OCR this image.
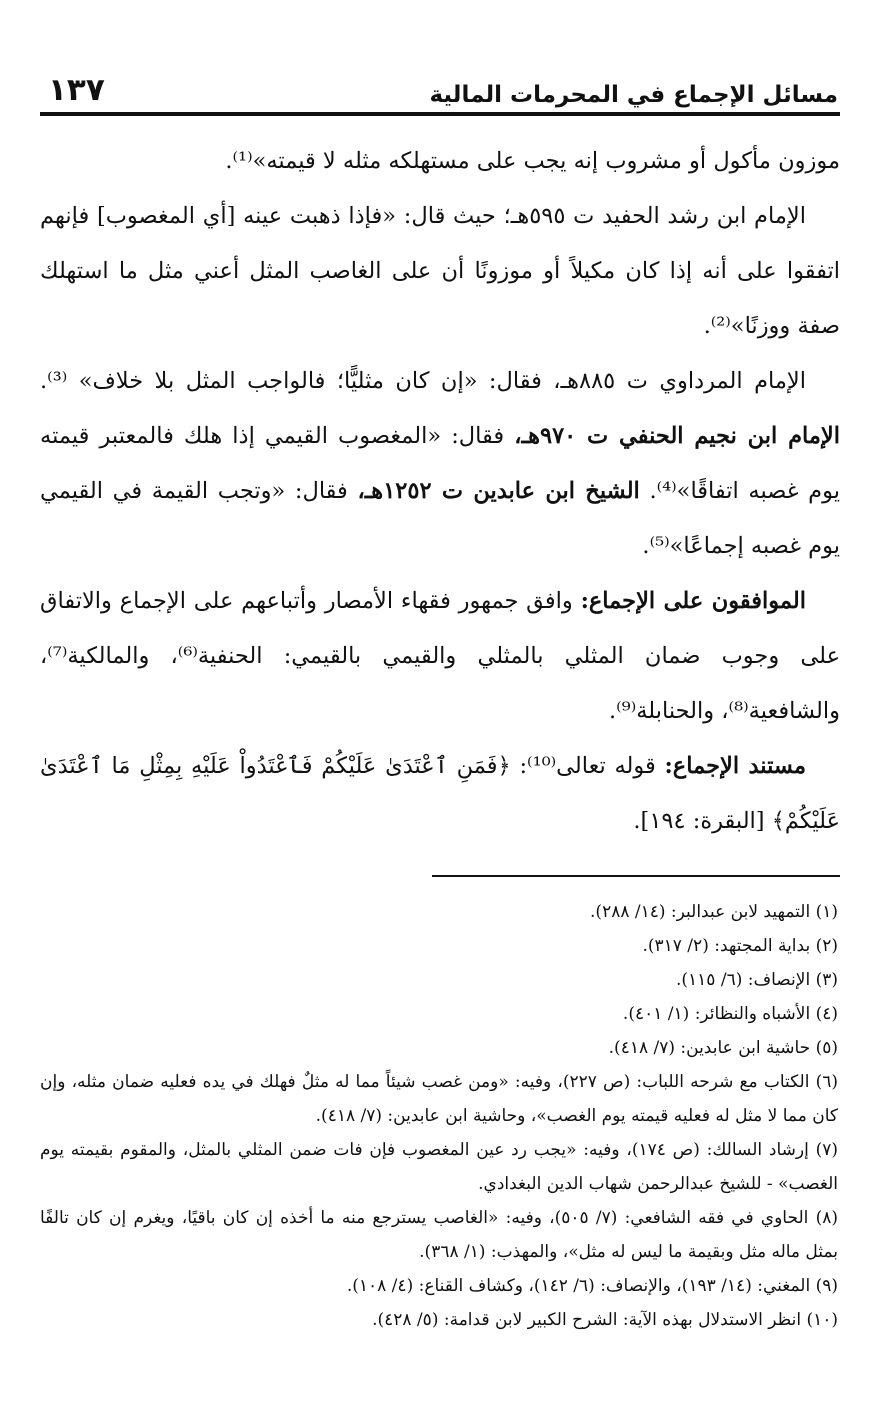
مسائل الإجماع في المحرمات المالية
١٣٧

موزون مأكول أو مشروب إنه يجب على مستهلكه مثله لا قيمته»⁽¹⁾.

الإمام ابن رشد الحفيد ت ٥٩٥هـ؛ حيث قال: «فإذا ذهبت عينه [أي المغصوب] فإنهم اتفقوا على أنه إذا كان مكيلاً أو موزونًا أن على الغاصب المثل أعني مثل ما استهلك صفة ووزنًا»⁽²⁾.

الإمام المرداوي ت ٨٨٥هـ، فقال: «إن كان مثليًّا؛ فالواجب المثل بلا خلاف» ⁽³⁾. الإمام ابن نجيم الحنفي ت ٩٧٠هـ، فقال: «المغصوب القيمي إذا هلك فالمعتبر قيمته يوم غصبه اتفاقًا»⁽⁴⁾. الشيخ ابن عابدين ت ١٢٥٢هـ، فقال: «وتجب القيمة في القيمي يوم غصبه إجماعًا»⁽⁵⁾.

الموافقون على الإجماع: وافق جمهور فقهاء الأمصار وأتباعهم على الإجماع والاتفاق على وجوب ضمان المثلي بالمثلي والقيمي بالقيمي: الحنفية⁽⁶⁾، والمالكية⁽⁷⁾، والشافعية⁽⁸⁾، والحنابلة⁽⁹⁾.

مستند الإجماع: قوله تعالى⁽¹⁰⁾: ﴿فَمَنِ ٱعْتَدَىٰ عَلَيْكُمْ فَٱعْتَدُواْ عَلَيْهِ بِمِثْلِ مَا ٱعْتَدَىٰ عَلَيْكُمْ﴾ [البقرة: ١٩٤].

(١) التمهيد لابن عبدالبر: (١٤/ ٢٨٨).

(٢) بداية المجتهد: (٢/ ٣١٧).

(٣) الإنصاف: (٦/ ١١٥).

(٤) الأشباه والنظائر: (١/ ٤٠١).

(٥) حاشية ابن عابدين: (٧/ ٤١٨).

(٦) الكتاب مع شرحه اللباب: (ص ٢٢٧)، وفيه: «ومن غصب شيئاً مما له مثلٌ فهلك في يده فعليه ضمان مثله، وإن كان مما لا مثل له فعليه قيمته يوم الغصب»، وحاشية ابن عابدين: (٧/ ٤١٨).

(٧) إرشاد السالك: (ص ١٧٤)، وفيه: «يجب رد عين المغصوب فإن فات ضمن المثلي بالمثل، والمقوم بقيمته يوم الغصب» - للشيخ عبدالرحمن شهاب الدين البغدادي.

(٨) الحاوي في فقه الشافعي: (٧/ ٥٠٥)، وفيه: «الغاصب يسترجع منه ما أخذه إن كان باقيًا، ويغرم إن كان تالفًا بمثل ماله مثل وبقيمة ما ليس له مثل»، والمهذب: (١/ ٣٦٨).

(٩) المغني: (١٤/ ١٩٣)، والإنصاف: (٦/ ١٤٢)، وكشاف القناع: (٤/ ١٠٨).

(١٠) انظر الاستدلال بهذه الآية: الشرح الكبير لابن قدامة: (٥/ ٤٢٨).
